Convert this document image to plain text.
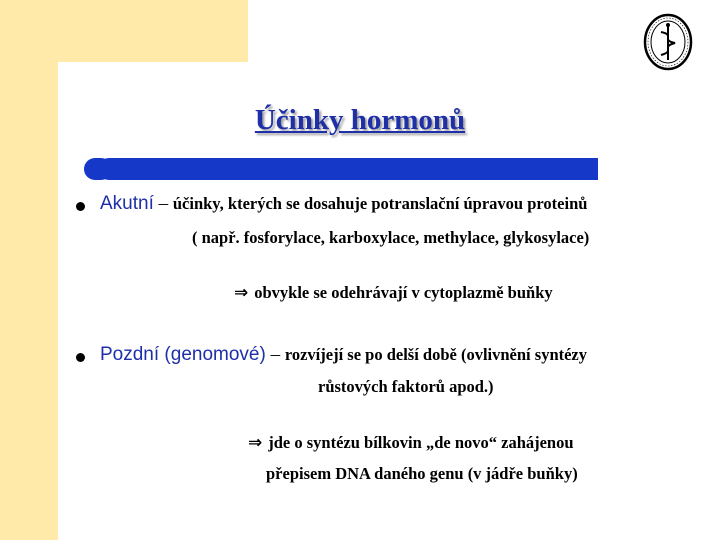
Účinky hormonů
Akutní – účinky, kterých se dosahuje potranslační úpravou proteinů
( např. fosforylace, karboxylace, methylace, glykosylace)
⇒ obvykle se odehrávají v cytoplazmě buňky
Pozdní (genomové) – rozvíjejí se po delší době (ovlivnění syntézy
růstových faktorů apod.)
⇒ jde o syntézu bílkovin „de novo“ zahájenou
přepisem DNA daného genu (v jádře buňky)
